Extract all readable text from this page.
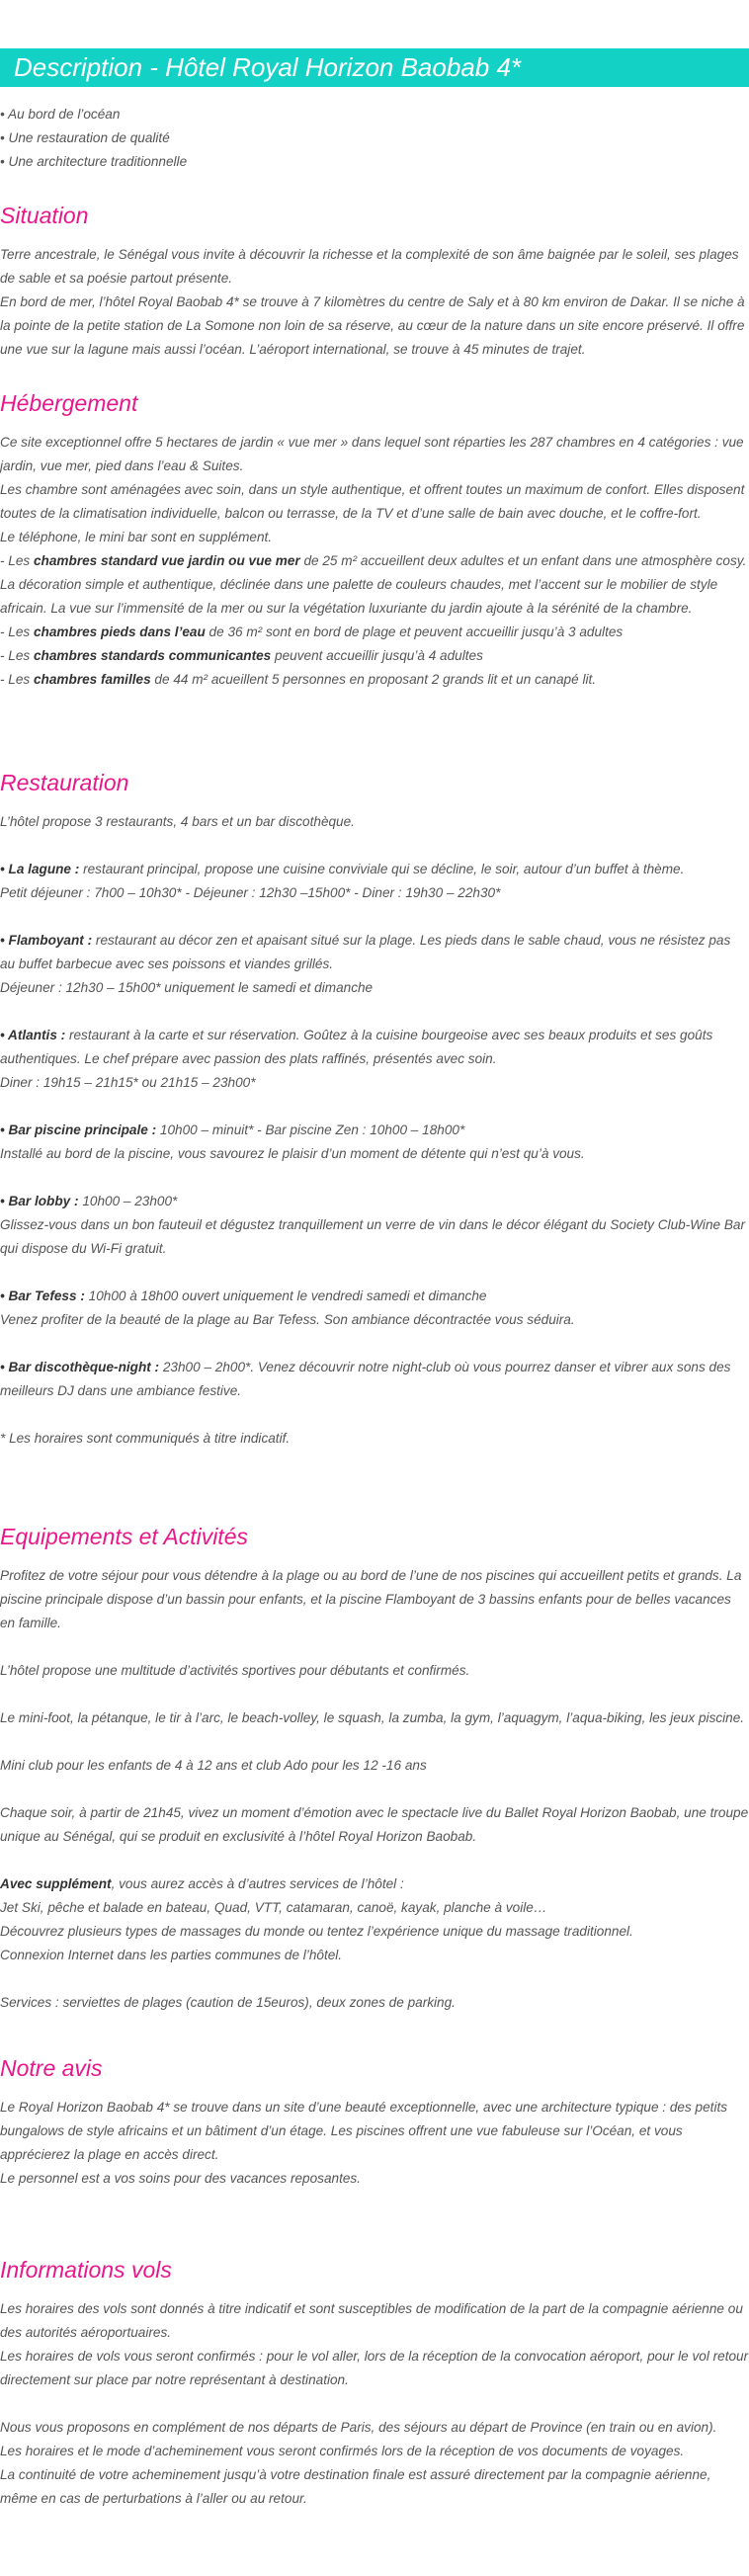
Description - Hôtel Royal Horizon Baobab 4*

• Au bord de l’océan

• Une restauration de qualité

• Une architecture traditionnelle

Situation

Terre ancestrale, le Sénégal vous invite à découvrir la richesse et la complexité de son âme baignée par le soleil, ses plages de sable et sa poésie partout présente.

En bord de mer, l’hôtel Royal Baobab 4* se trouve à 7 kilomètres du centre de Saly et à 80 km environ de Dakar. Il se niche à la pointe de la petite station de La Somone non loin de sa réserve, au cœur de la nature dans un site encore préservé. Il offre une vue sur la lagune mais aussi l’océan. L’aéroport international, se trouve à 45 minutes de trajet.

Hébergement

Ce site exceptionnel offre 5 hectares de jardin « vue mer » dans lequel sont réparties les 287 chambres en 4 catégories : vue jardin, vue mer, pied dans l’eau & Suites.

Les chambre sont aménagées avec soin, dans un style authentique, et offrent toutes un maximum de confort. Elles disposent toutes de la climatisation individuelle, balcon ou terrasse, de la TV et d’une salle de bain avec douche, et le coffre-fort.

Le téléphone, le mini bar sont en supplément.

- Les chambres standard vue jardin ou vue mer de 25 m² accueillent deux adultes et un enfant dans une atmosphère cosy. La décoration simple et authentique, déclinée dans une palette de couleurs chaudes, met l’accent sur le mobilier de style africain. La vue sur l’immensité de la mer ou sur la végétation luxuriante du jardin ajoute à la sérénité de la chambre.

- Les chambres pieds dans l’eau de 36 m² sont en bord de plage et peuvent accueillir jusqu’à 3 adultes

- Les chambres standards communicantes peuvent accueillir jusqu’à 4 adultes

- Les chambres familles de 44 m² acueillent 5 personnes en proposant 2 grands lit et un canapé lit.

Restauration

L’hôtel propose 3 restaurants, 4 bars et un bar discothèque.

• La lagune : restaurant principal, propose une cuisine conviviale qui se décline, le soir, autour d’un buffet à thème.

Petit déjeuner : 7h00 – 10h30* - Déjeuner : 12h30 –15h00* - Diner : 19h30 – 22h30*

• Flamboyant : restaurant au décor zen et apaisant situé sur la plage. Les pieds dans le sable chaud, vous ne résistez pas au buffet barbecue avec ses poissons et viandes grillés.

Déjeuner : 12h30 – 15h00* uniquement le samedi et dimanche

• Atlantis : restaurant à la carte et sur réservation. Goûtez à la cuisine bourgeoise avec ses beaux produits et ses goûts authentiques. Le chef prépare avec passion des plats raffinés, présentés avec soin.

Diner : 19h15 – 21h15* ou 21h15 – 23h00*

• Bar piscine principale : 10h00 – minuit* - Bar piscine Zen : 10h00 – 18h00*

Installé au bord de la piscine, vous savourez le plaisir d’un moment de détente qui n’est qu’à vous.

• Bar lobby : 10h00 – 23h00*

Glissez-vous dans un bon fauteuil et dégustez tranquillement un verre de vin dans le décor élégant du Society Club-Wine Bar qui dispose du Wi-Fi gratuit.

• Bar Tefess : 10h00 à 18h00 ouvert uniquement le vendredi samedi et dimanche

Venez profiter de la beauté de la plage au Bar Tefess. Son ambiance décontractée vous séduira.

• Bar discothèque-night : 23h00 – 2h00*. Venez découvrir notre night-club où vous pourrez danser et vibrer aux sons des meilleurs DJ dans une ambiance festive.

* Les horaires sont communiqués à titre indicatif.

Equipements et Activités

Profitez de votre séjour pour vous détendre à la plage ou au bord de l’une de nos piscines qui accueillent petits et grands. La piscine principale dispose d’un bassin pour enfants, et la piscine Flamboyant de 3 bassins enfants pour de belles vacances en famille.

L’hôtel propose une multitude d’activités sportives pour débutants et confirmés.

Le mini-foot, la pétanque, le tir à l’arc, le beach-volley, le squash, la zumba, la gym, l’aquagym, l’aqua-biking, les jeux piscine.

Mini club pour les enfants de 4 à 12 ans et club Ado pour les 12 -16 ans

Chaque soir, à partir de 21h45, vivez un moment d’émotion avec le spectacle live du Ballet Royal Horizon Baobab, une troupe unique au Sénégal, qui se produit en exclusivité à l’hôtel Royal Horizon Baobab.

Avec supplément, vous aurez accès à d’autres services de l’hôtel :

Jet Ski, pêche et balade en bateau, Quad, VTT, catamaran, canoë, kayak, planche à voile…

Découvrez plusieurs types de massages du monde ou tentez l’expérience unique du massage traditionnel.

Connexion Internet dans les parties communes de l’hôtel.

Services : serviettes de plages (caution de 15euros), deux zones de parking.

Notre avis

Le Royal Horizon Baobab 4* se trouve dans un site d’une beauté exceptionnelle, avec une architecture typique : des petits bungalows de style africains et un bâtiment d’un étage. Les piscines offrent une vue fabuleuse sur l’Océan, et vous apprécierez la plage en accès direct.

Le personnel est a vos soins pour des vacances reposantes.

Informations vols

Les horaires des vols sont donnés à titre indicatif et sont susceptibles de modification de la part de la compagnie aérienne ou des autorités aéroportuaires.

Les horaires de vols vous seront confirmés : pour le vol aller, lors de la réception de la convocation aéroport, pour le vol retour directement sur place par notre représentant à destination.

Nous vous proposons en complément de nos départs de Paris, des séjours au départ de Province (en train ou en avion).

Les horaires et le mode d’acheminement vous seront confirmés lors de la réception de vos documents de voyages.

La continuité de votre acheminement jusqu’à votre destination finale est assuré directement par la compagnie aérienne, même en cas de perturbations à l’aller ou au retour.
